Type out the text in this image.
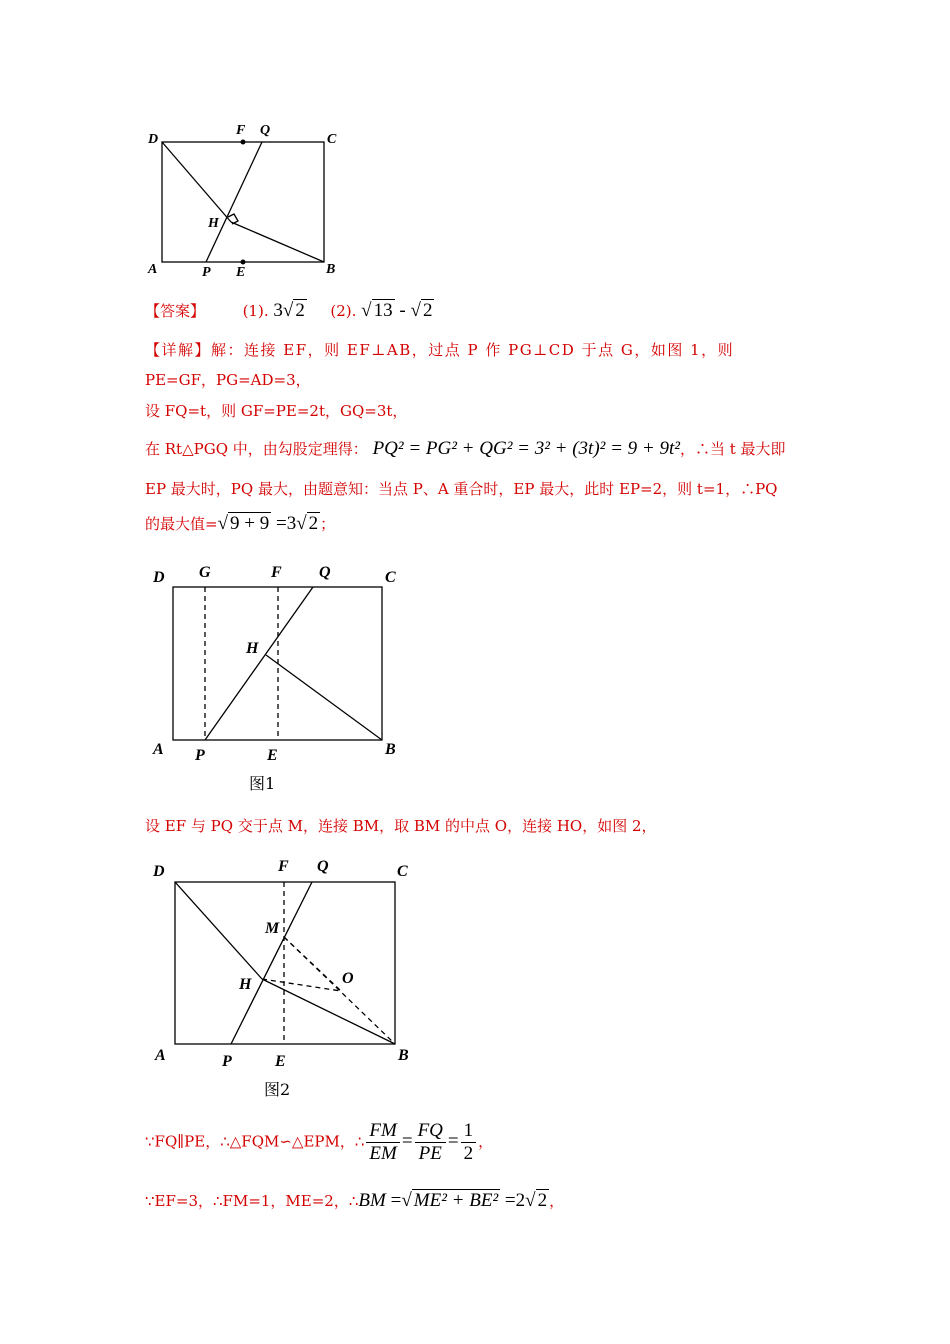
D
F Q
C
H
A	P E	B
【答案】	(1). 3√ 2 (2). √ 13 - √ 2
【详解】解：连接 EF，则 EF⊥AB，过点 P 作 PG⊥CD 于点 G，如图 1，则
PE=GF，PG=AD=3，
设 FQ=t，则 GF=PE=2t，GQ=3t，
在 Rt△PGQ 中，由勾股定理得： PQ² = PG² + QG² = 3² + (3t)² = 9 + 9t²，∴当 t 最大即
EP 最大时，PQ 最大，由题意知：当点 P、A 重合时，EP 最大，此时 EP=2，则 t=1，∴PQ
的最大值=√ 9 + 9 =3√ 2 ；
D G	F Q	C
H
A P	E	B
图1
设 EF 与 PQ 交于点 M，连接 BM，取 BM 的中点 O，连接 HO，如图 2，
D	F Q	C
M
O
H
A	P	E	B
图2
∵FQ∥PE，∴△FQM∽△EPM，∴ $\frac{FM}{EM} = \frac{FQ}{PE} = \frac{1}{2}$ ，
∵EF=3，∴FM=1，ME=2，∴BM =√ ME² + BE² =2√ 2 ，
